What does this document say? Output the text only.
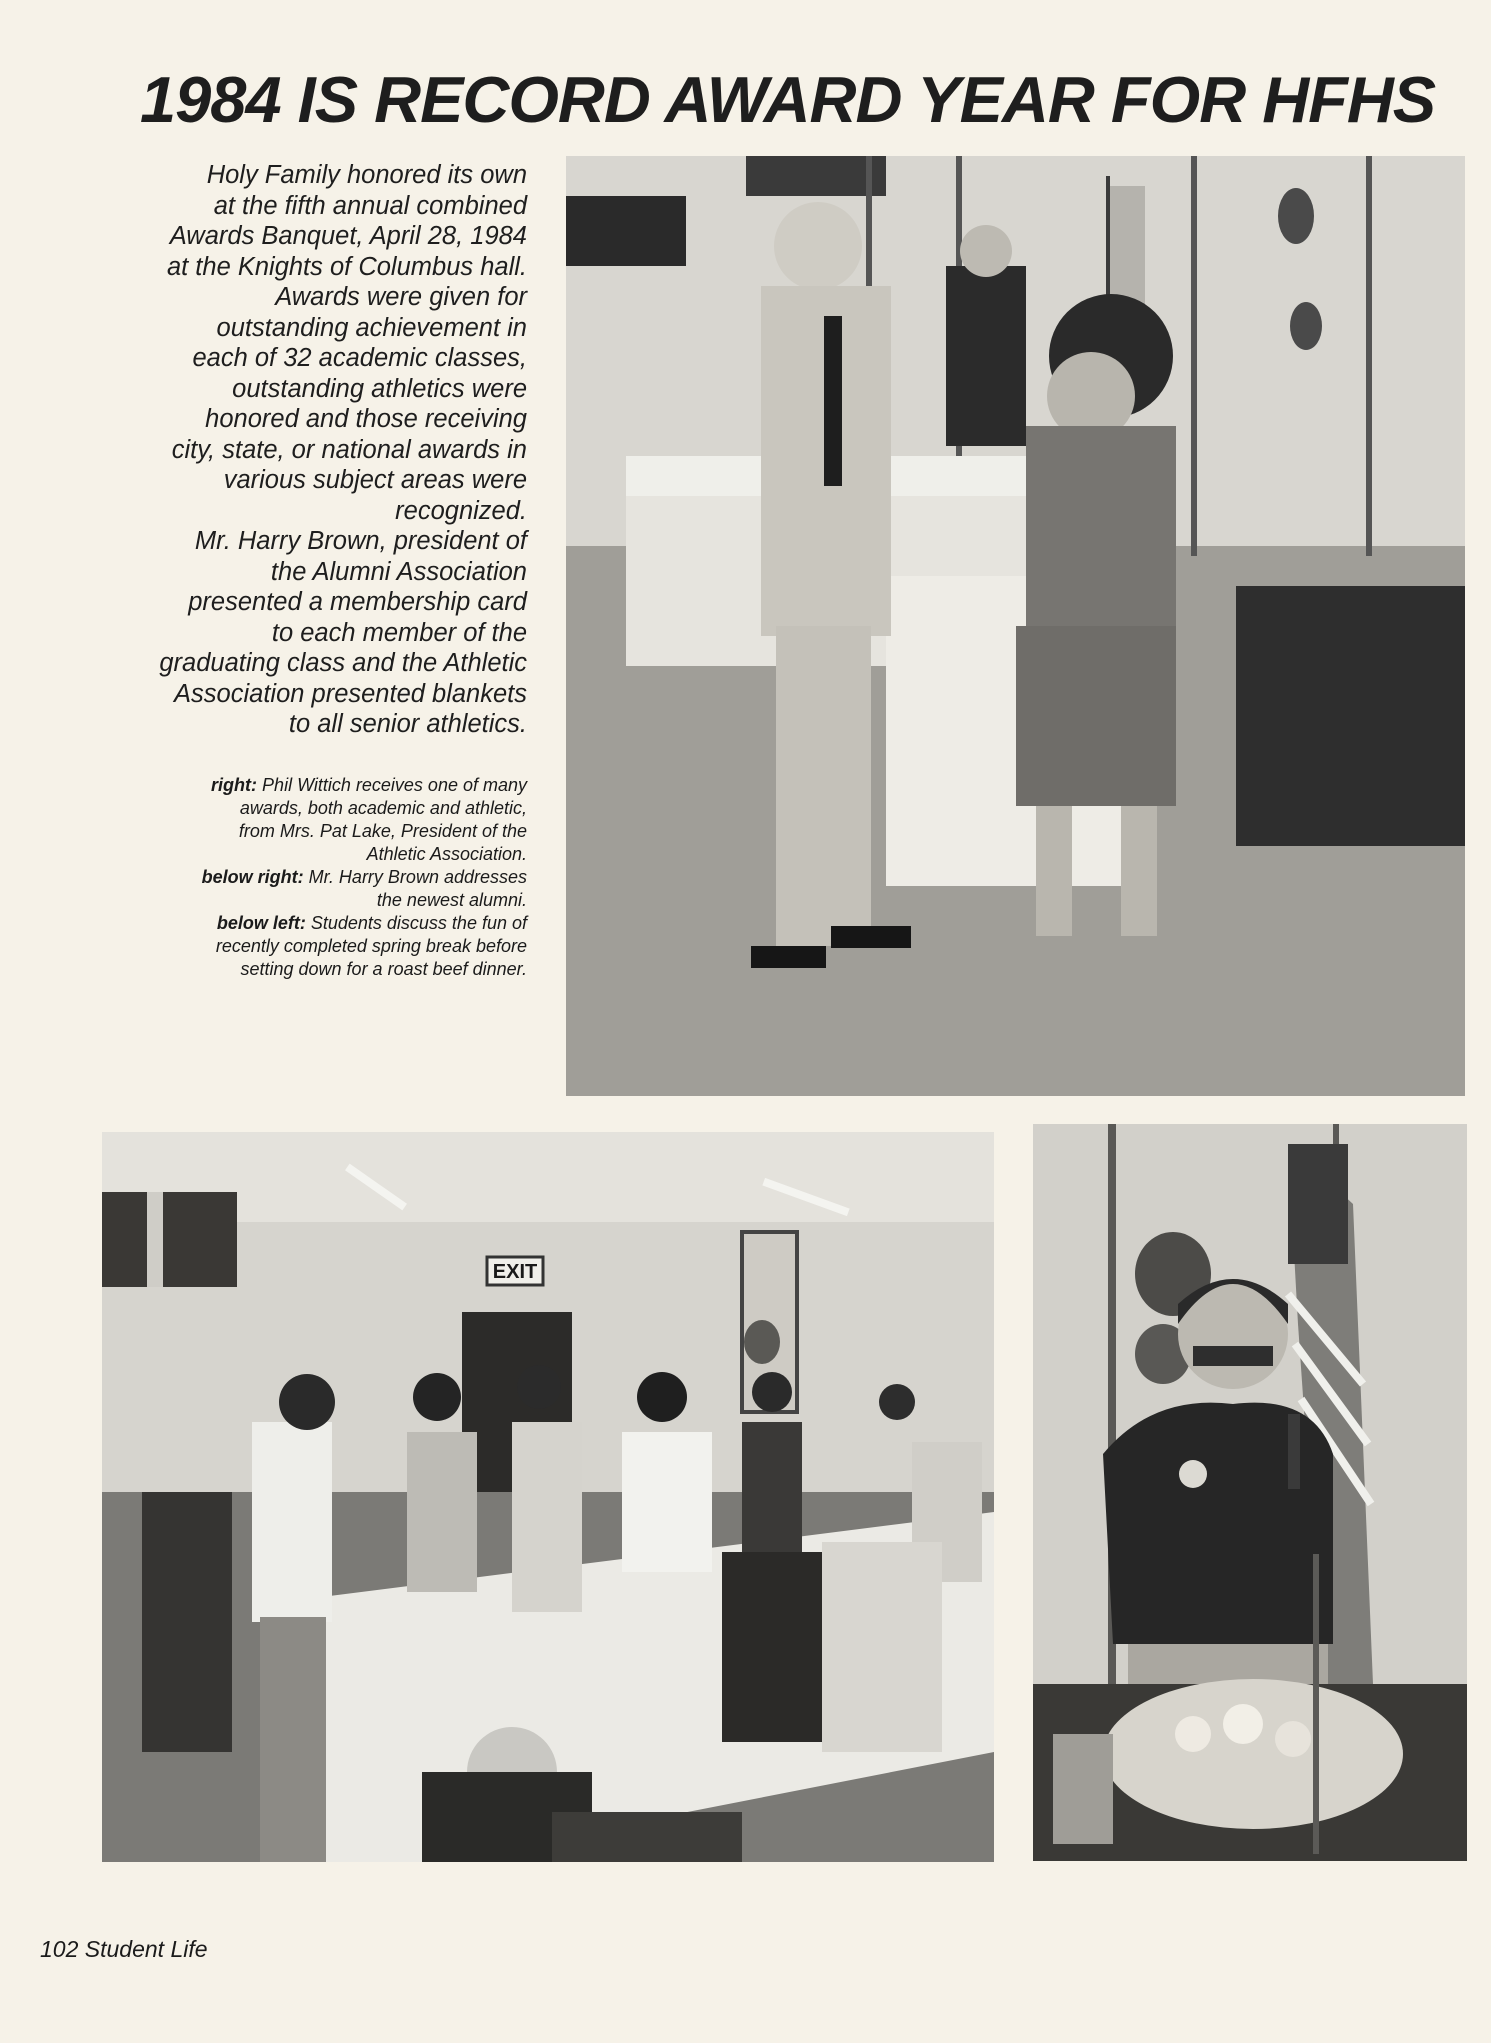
1984 IS RECORD AWARD YEAR FOR HFHS
Holy Family honored its own
at the fifth annual combined
Awards Banquet, April 28, 1984
at the Knights of Columbus hall.
Awards were given for
outstanding achievement in
each of 32 academic classes,
outstanding athletics were
honored and those receiving
city, state, or national awards in
various subject areas were
recognized.
Mr. Harry Brown, president of
the Alumni Association
presented a membership card
to each member of the
graduating class and the Athletic
Association presented blankets
to all senior athletics.
right: Phil Wittich receives one of many
awards, both academic and athletic,
from Mrs. Pat Lake, President of the
Athletic Association.
below right: Mr. Harry Brown addresses
the newest alumni.
below left: Students discuss the fun of
recently completed spring break before
setting down for a roast beef dinner.
EXIT

102 Student Life
